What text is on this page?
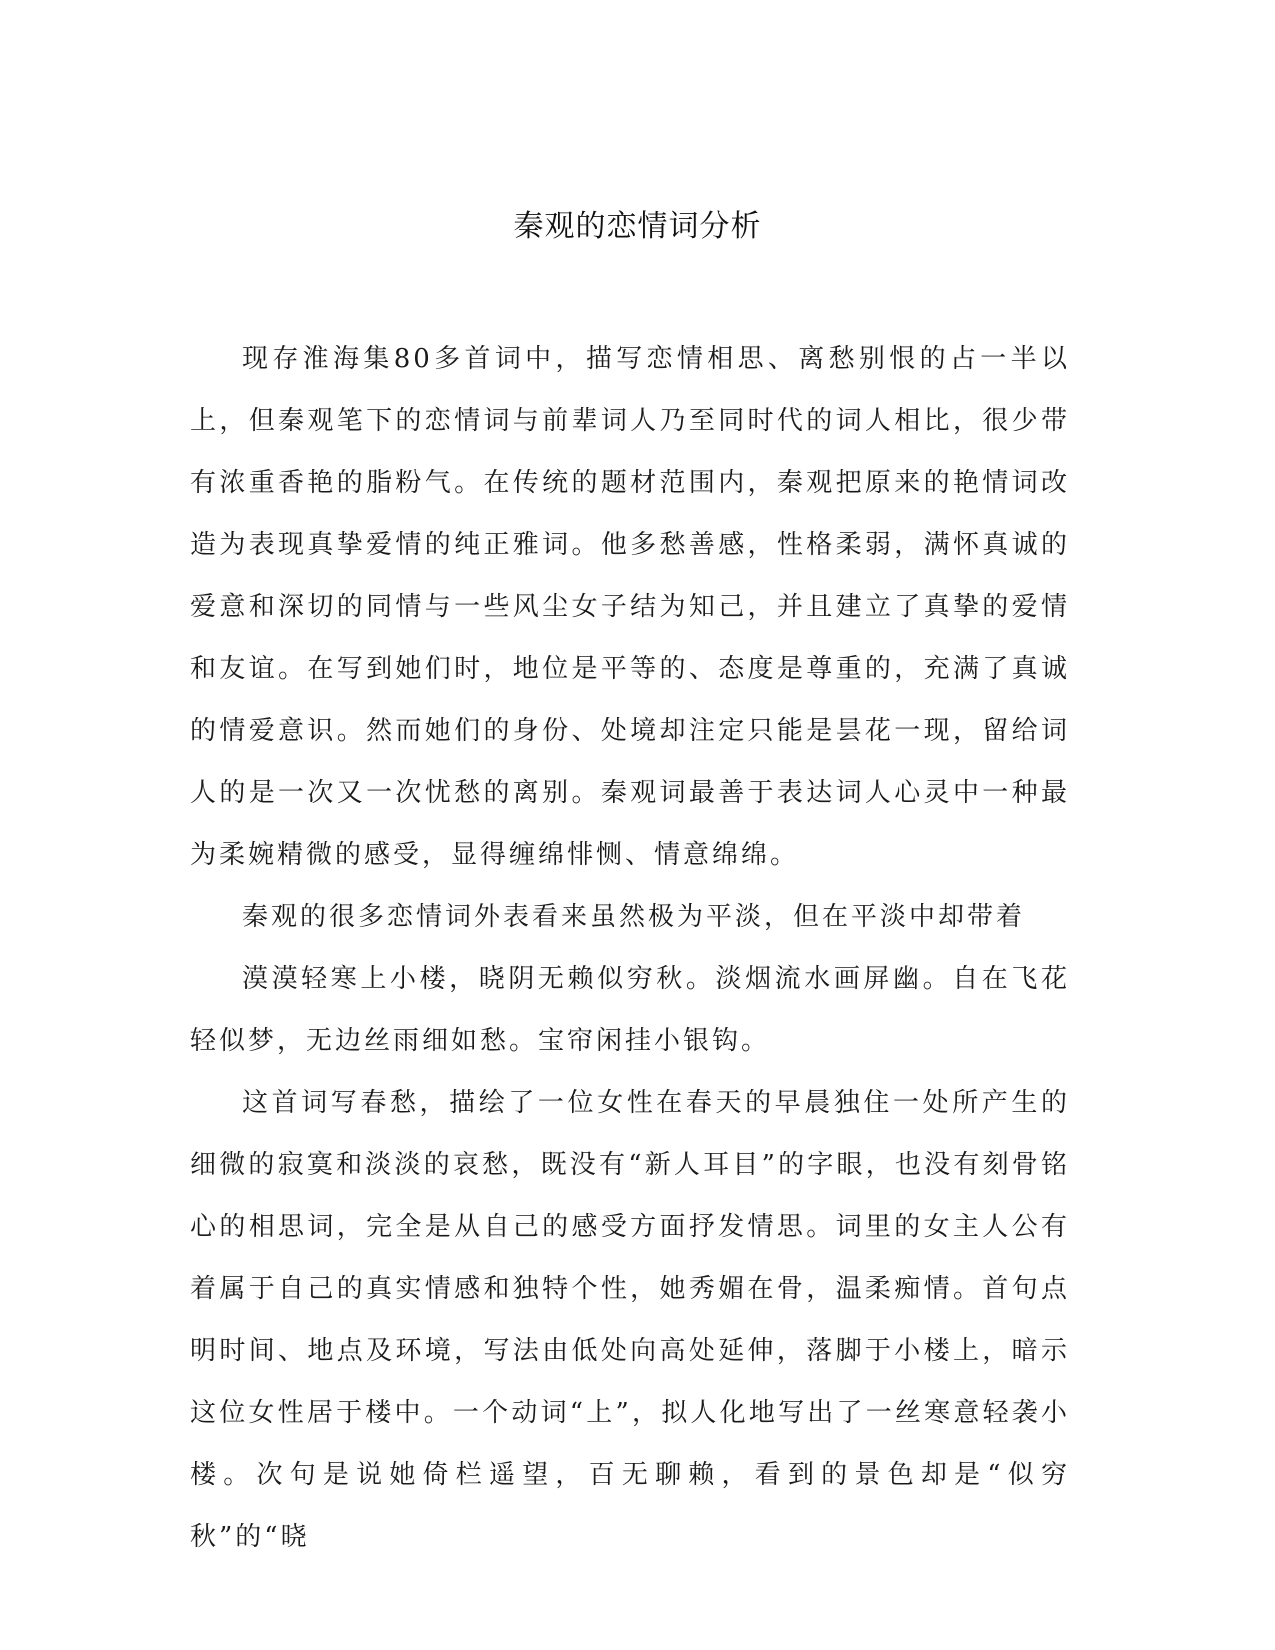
秦观的恋情词分析

现存淮海集80多首词中，描写恋情相思、离愁别恨的占一半以上，但秦观笔下的恋情词与前辈词人乃至同时代的词人相比，很少带有浓重香艳的脂粉气。在传统的题材范围内，秦观把原来的艳情词改造为表现真挚爱情的纯正雅词。他多愁善感，性格柔弱，满怀真诚的爱意和深切的同情与一些风尘女子结为知己，并且建立了真挚的爱情和友谊。在写到她们时，地位是平等的、态度是尊重的，充满了真诚的情爱意识。然而她们的身份、处境却注定只能是昙花一现，留给词人的是一次又一次忧愁的离别。秦观词最善于表达词人心灵中一种最为柔婉精微的感受，显得缠绵悱恻、情意绵绵。

秦观的很多恋情词外表看来虽然极为平淡，但在平淡中却带着

漠漠轻寒上小楼，晓阴无赖似穷秋。淡烟流水画屏幽。自在飞花轻似梦，无边丝雨细如愁。宝帘闲挂小银钩。

这首词写春愁，描绘了一位女性在春天的早晨独住一处所产生的细微的寂寞和淡淡的哀愁，既没有“新人耳目”的字眼，也没有刻骨铭心的相思词，完全是从自己的感受方面抒发情思。词里的女主人公有着属于自己的真实情感和独特个性，她秀媚在骨，温柔痴情。首句点明时间、地点及环境，写法由低处向高处延伸，落脚于小楼上，暗示这位女性居于楼中。一个动词“上”，拟人化地写出了一丝寒意轻袭小楼。次句是说她倚栏遥望，百无聊赖，看到的景色却是“似穷秋”的“晓
